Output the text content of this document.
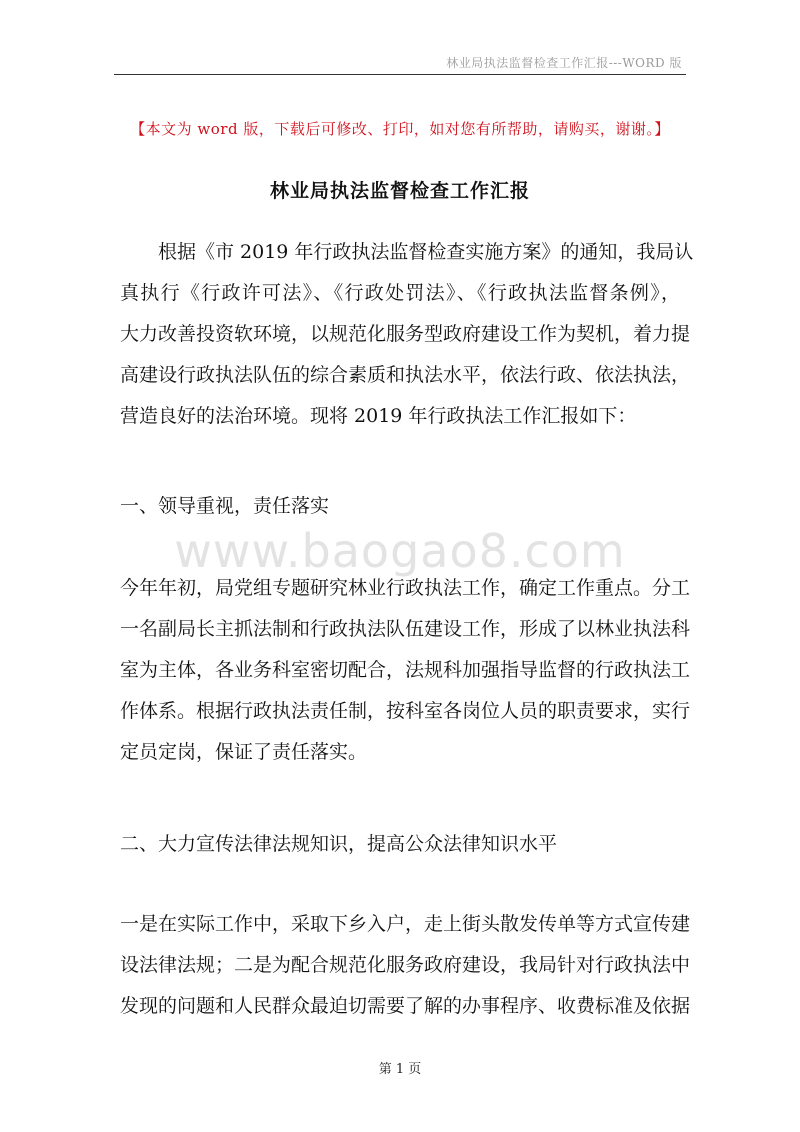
林业局执法监督检查工作汇报---WORD 版
【本文为 word 版，下载后可修改、打印，如对您有所帮助，请购买，谢谢。】
林业局执法监督检查工作汇报
根据《市 2019 年行政执法监督检查实施方案》的通知，我局认
真执行《行政许可法》、《行政处罚法》、《行政执法监督条例》，
大力改善投资软环境，以规范化服务型政府建设工作为契机，着力提
高建设行政执法队伍的综合素质和执法水平，依法行政、依法执法，
营造良好的法治环境。现将 2019 年行政执法工作汇报如下：
一、领导重视，责任落实
www.baogao8.com
今年年初，局党组专题研究林业行政执法工作，确定工作重点。分工
一名副局长主抓法制和行政执法队伍建设工作，形成了以林业执法科
室为主体，各业务科室密切配合，法规科加强指导监督的行政执法工
作体系。根据行政执法责任制，按科室各岗位人员的职责要求，实行
定员定岗，保证了责任落实。
二、大力宣传法律法规知识，提高公众法律知识水平
一是在实际工作中，采取下乡入户，走上街头散发传单等方式宣传建
设法律法规；二是为配合规范化服务政府建设，我局针对行政执法中
发现的问题和人民群众最迫切需要了解的办事程序、收费标准及依据
第 1 页
